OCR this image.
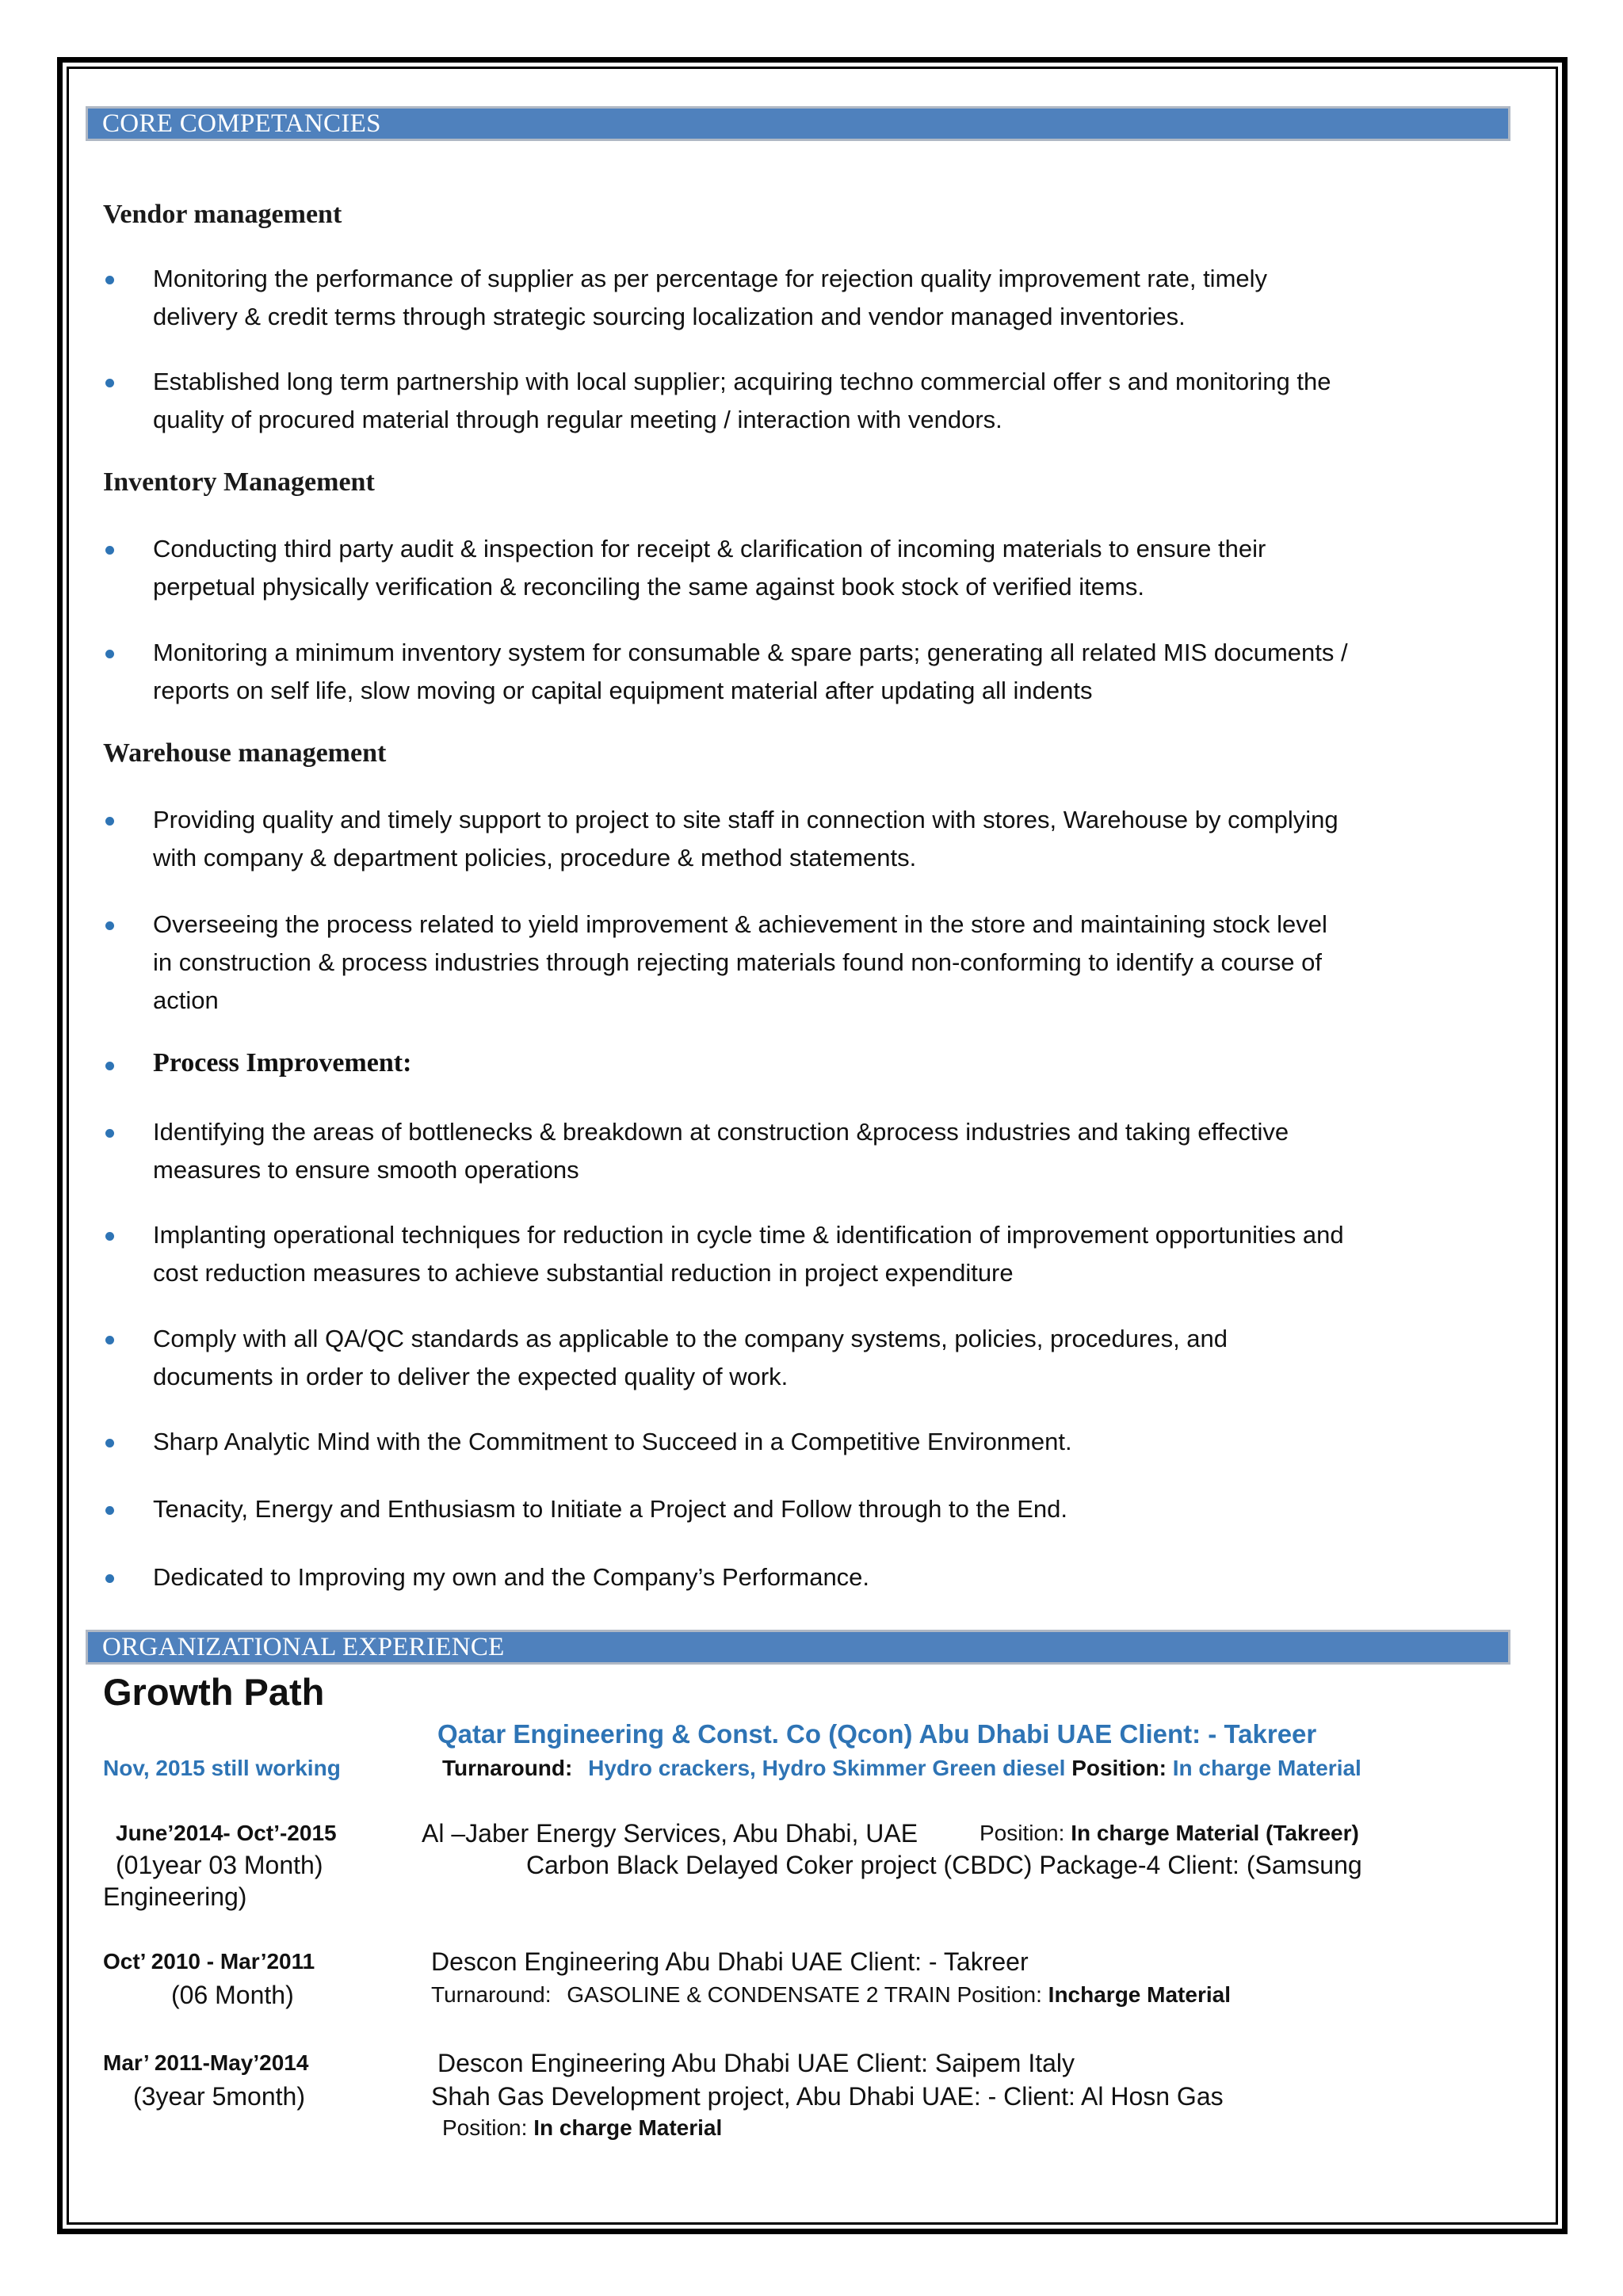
CORE COMPETANCIES
Vendor management
Monitoring the performance of supplier as per percentage for rejection quality improvement rate, timely
delivery & credit terms through strategic sourcing localization and vendor managed inventories.
Established long term partnership with local supplier; acquiring techno commercial offer s and monitoring the
quality of procured material through regular meeting / interaction with vendors.
Inventory Management
Conducting third party audit & inspection for receipt & clarification of incoming materials to ensure their
perpetual physically verification & reconciling the same against book stock of verified items.
Monitoring a minimum inventory system for consumable & spare parts; generating all related MIS documents /
reports on self life, slow moving or capital equipment material after updating all indents
Warehouse management
Providing quality and timely support to project to site staff in connection with stores, Warehouse by complying
with company & department policies, procedure & method statements.
Overseeing the process related to yield improvement & achievement in the store and maintaining stock level
in construction & process industries through rejecting materials found non-conforming to identify a course of
action
Process Improvement:
Identifying the areas of bottlenecks & breakdown at construction &process industries and taking effective
measures to ensure smooth operations
Implanting operational techniques for reduction in cycle time & identification of improvement opportunities and
cost reduction measures to achieve substantial reduction in project expenditure
Comply with all QA/QC standards as applicable to the company systems, policies, procedures, and
documents in order to deliver the expected quality of work.
Sharp Analytic Mind with the Commitment to Succeed in a Competitive Environment.
Tenacity, Energy and Enthusiasm to Initiate a Project and Follow through to the End.
Dedicated to Improving my own and the Company’s Performance.
ORGANIZATIONAL EXPERIENCE
Growth Path
Qatar Engineering & Const. Co (Qcon) Abu Dhabi UAE Client: - Takreer
Nov, 2015 still working	Turnaround: Hydro crackers, Hydro Skimmer Green diesel Position: In charge Material
June’2014- Oct’-2015	Al –Jaber Energy Services, Abu Dhabi, UAE	Position: In charge Material (Takreer)
(01year 03 Month)	Carbon Black Delayed Coker project (CBDC) Package-4 Client: (Samsung
Engineering)
Oct’ 2010 - Mar’2011	Descon Engineering Abu Dhabi UAE Client: - Takreer
(06 Month)	Turnaround: GASOLINE & CONDENSATE 2 TRAIN Position: Incharge Material
Mar’ 2011-May’2014	Descon Engineering Abu Dhabi UAE Client: Saipem Italy
(3year 5month)	Shah Gas Development project, Abu Dhabi UAE: - Client: Al Hosn Gas
Position: In charge Material
